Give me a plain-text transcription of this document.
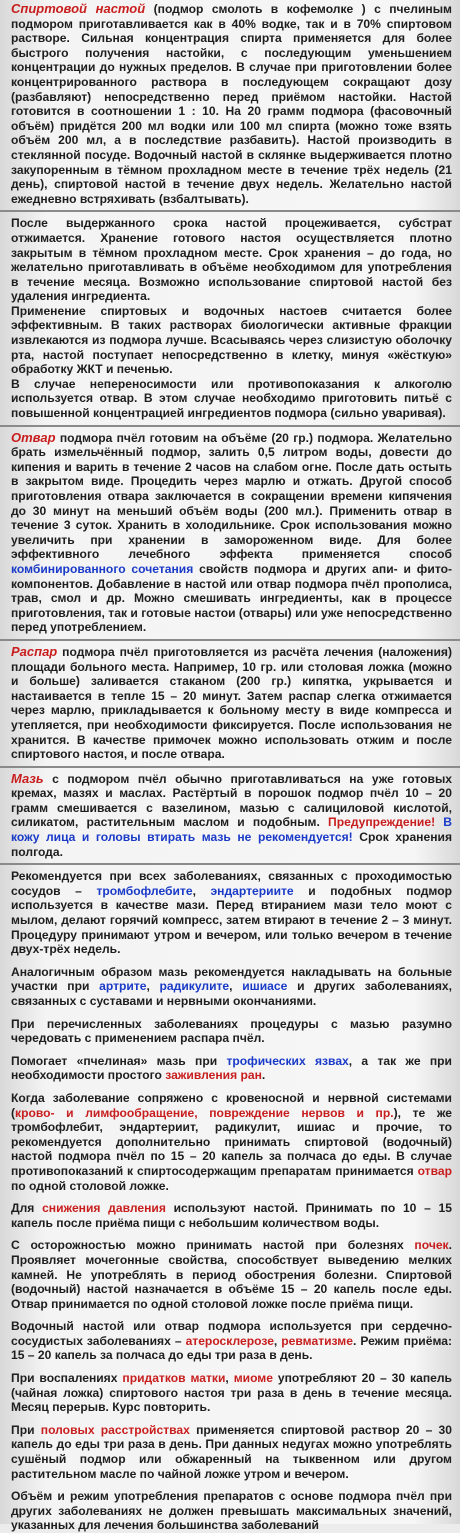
Спиртовой настой (подмор смолоть в кофемолке ) с пчелиным подмором приготавливается как в 40% водке, так и в 70% спиртовом растворе. Сильная концентрация спирта применяется для более быстрого получения настойки, с последующим уменьшением концентрации до нужных пределов. В случае при приготовлении более концентрированного раствора в последующем сокращают дозу (разбавляют) непосредственно перед приёмом настойки. Настой готовится в соотношении 1 : 10. На 20 грамм подмора (фасовочный объём) придётся 200 мл водки или 100 мл спирта (можно тоже взять объём 200 мл, а в последствие разбавить). Настой производить в стеклянной посуде. Водочный настой в склянке выдерживается плотно закупоренным в тёмном прохладном месте в течение трёх недель (21 день), спиртовой настой в течение двух недель. Желательно настой ежедневно встряхивать (взбалтывать).

После выдержанного срока настой процеживается, субстрат отжимается. Хранение готового настоя осуществляется плотно закрытым в тёмном прохладном месте. Срок хранения – до года, но желательно приготавливать в объёме необходимом для употребления в течение месяца. Возможно использование спиртовой настой без удаления ингредиента.

Применение спиртовых и водочных настоев считается более эффективным. В таких растворах биологически активные фракции извлекаются из подмора лучше. Всасываясь через слизистую оболочку рта, настой поступает непосредственно в клетку, минуя «жёсткую» обработку ЖКТ и печенью.

В случае непереносимости или противопоказания к алкоголю используется отвар. В этом случае необходимо приготовить питьё с повышенной концентрацией ингредиентов подмора (сильно уваривая).

Отвар подмора пчёл готовим на объёме (20 гр.) подмора. Желательно брать измельчённый подмор, залить 0,5 литром воды, довести до кипения и варить в течение 2 часов на слабом огне. После дать остыть в закрытом виде. Процедить через марлю и отжать. Другой способ приготовления отвара заключается в сокращении времени кипячения до 30 минут на меньший объём воды (200 мл.). Применить отвар в течение 3 суток. Хранить в холодильнике. Срок использования можно увеличить при хранении в замороженном виде. Для более эффективного лечебного эффекта применяется способ комбинированного сочетания свойств подмора и других апи- и фито- компонентов. Добавление в настой или отвар подмора пчёл прополиса, трав, смол и др. Можно смешивать ингредиенты, как в процессе приготовления, так и готовые настои (отвары) или уже непосредственно перед употреблением.

Распар подмора пчёл приготовляется из расчёта лечения (наложения) площади больного места. Например, 10 гр. или столовая ложка (можно и больше) заливается стаканом (200 гр.) кипятка, укрывается и настаивается в тепле 15 – 20 минут. Затем распар слегка отжимается через марлю, прикладывается к больному месту в виде компресса и утепляется, при необходимости фиксируется. После использования не хранится. В качестве примочек можно использовать отжим и после спиртового настоя, и после отвара.

Мазь с подмором пчёл обычно приготавливаться на уже готовых кремах, мазях и маслах. Растёртый в порошок подмор пчёл 10 – 20 грамм смешивается с вазелином, мазью с салициловой кислотой, силикатом, растительным маслом и подобным. Предупреждение! В кожу лица и головы втирать мазь не рекомендуется! Срок хранения полгода.

Рекомендуется при всех заболеваниях, связанных с проходимостью сосудов – тромбофлебите, эндартериите и подобных подмор используется в качестве мази. Перед втиранием мази тело моют с мылом, делают горячий компресс, затем втирают в течение 2 – 3 минут. Процедуру принимают утром и вечером, или только вечером в течение двух-трёх недель.

Аналогичным образом мазь рекомендуется накладывать на больные участки при артрите, радикулите, ишиасе и других заболеваниях, связанных с суставами и нервными окончаниями.

При перечисленных заболеваниях процедуры с мазью разумно чередовать с применением распара пчёл.

Помогает «пчелиная» мазь при трофических язвах, а так же при необходимости простого заживления ран.

Когда заболевание сопряжено с кровеносной и нервной системами (крово- и лимфообращение, повреждение нервов и пр.), те же тромбофлебит, эндартериит, радикулит, ишиас и прочие, то рекомендуется дополнительно принимать спиртовой (водочный) настой подмора пчёл по 15 – 20 капель за полчаса до еды. В случае противопоказаний к спиртосодержащим препаратам принимается отвар по одной столовой ложке.

Для снижения давления используют настой. Принимать по 10 – 15 капель после приёма пищи с небольшим количеством воды.

С осторожностью можно принимать настой при болезнях почек. Проявляет мочегонные свойства, способствует выведению мелких камней. Не употреблять в период обострения болезни. Спиртовой (водочный) настой назначается в объёме 15 – 20 капель после еды. Отвар принимается по одной столовой ложке после приёма пищи.

Водочный настой или отвар подмора используется при сердечно-сосудистых заболеваниях – атеросклерозе, ревматизме. Режим приёма: 15 – 20 капель за полчаса до еды три раза в день.

При воспалениях придатков матки, миоме употребляют 20 – 30 капель (чайная ложка) спиртового настоя три раза в день в течение месяца. Месяц перерыв. Курс повторить.

При половых расстройствах применяется спиртовой раствор 20 – 30 капель до еды три раза в день. При данных недугах можно употреблять сушёный подмор или обжаренный на тыквенном или другом растительном масле по чайной ложке утром и вечером.

Объём и режим употребления препаратов с основе подмора пчёл при других заболеваниях не должен превышать максимальных значений, указанных для лечения большинства заболеваний
